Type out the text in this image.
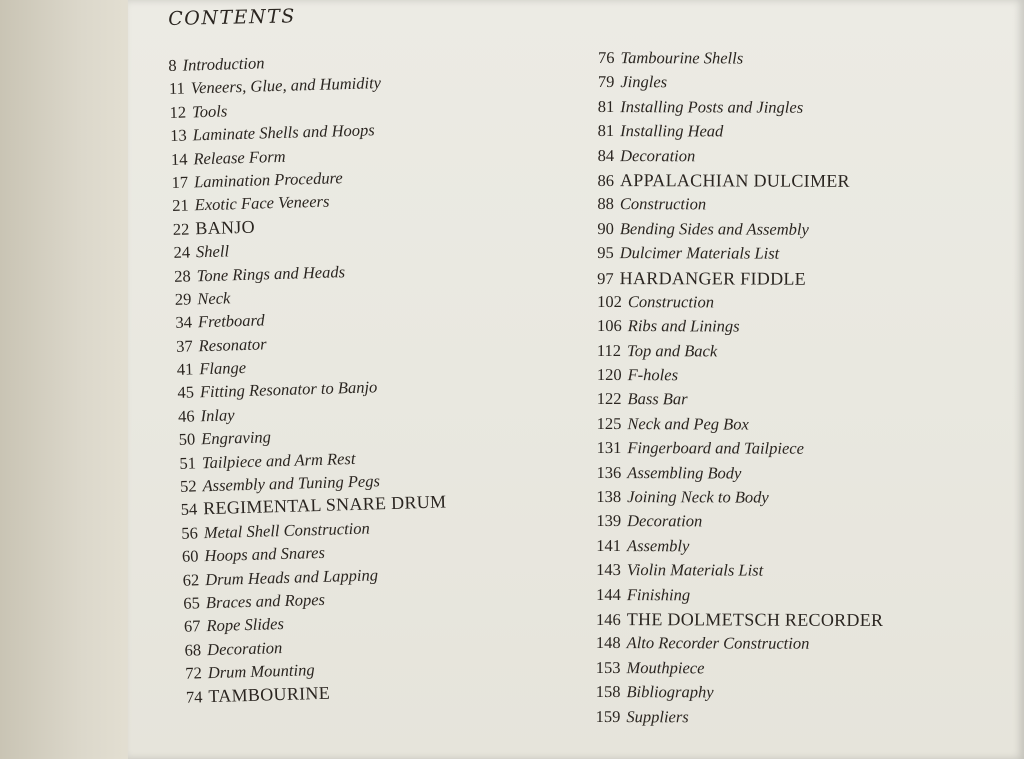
CONTENTS
8 Introduction
11 Veneers, Glue, and Humidity
12 Tools
13 Laminate Shells and Hoops
14 Release Form
17 Lamination Procedure
21 Exotic Face Veneers
22 BANJO
24 Shell
28 Tone Rings and Heads
29 Neck
34 Fretboard
37 Resonator
41 Flange
45 Fitting Resonator to Banjo
46 Inlay
50 Engraving
51 Tailpiece and Arm Rest
52 Assembly and Tuning Pegs
54 REGIMENTAL SNARE DRUM
56 Metal Shell Construction
60 Hoops and Snares
62 Drum Heads and Lapping
65 Braces and Ropes
67 Rope Slides
68 Decoration
72 Drum Mounting
74 TAMBOURINE
76 Tambourine Shells
79 Jingles
81 Installing Posts and Jingles
81 Installing Head
84 Decoration
86 APPALACHIAN DULCIMER
88 Construction
90 Bending Sides and Assembly
95 Dulcimer Materials List
97 HARDANGER FIDDLE
102 Construction
106 Ribs and Linings
112 Top and Back
120 F-holes
122 Bass Bar
125 Neck and Peg Box
131 Fingerboard and Tailpiece
136 Assembling Body
138 Joining Neck to Body
139 Decoration
141 Assembly
143 Violin Materials List
144 Finishing
146 THE DOLMETSCH RECORDER
148 Alto Recorder Construction
153 Mouthpiece
158 Bibliography
159 Suppliers
